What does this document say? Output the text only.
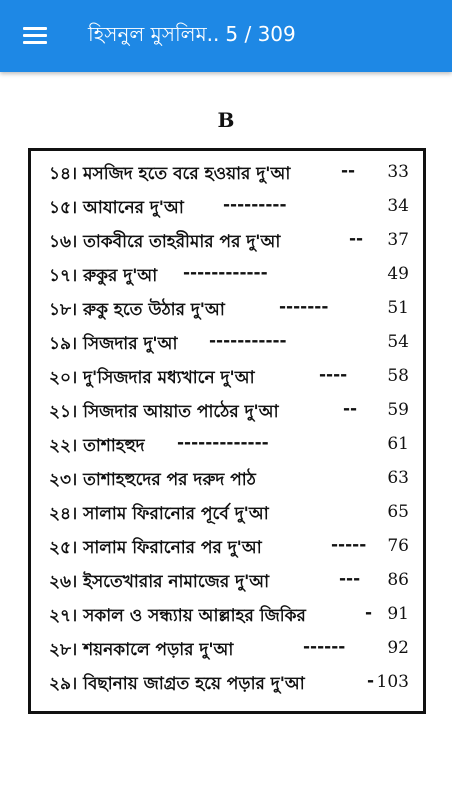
হিসনুল মুসলিম.. 5 / 309
B
১৪। মসজিদ হতে বরে হওয়ার দু'আ	-- 33
১৫। আযানের দু'আ ---------	34
১৬। তাকবীরে তাহরীমার পর দু'আ	-- 37
১৭। রুকুর দু'আ ------------	49
১৮। রুকু হতে উঠার দু'আ	-------	51
১৯। সিজদার দু'আ -----------	54
২০। দু'সিজদার মধ্যখানে দু'আ	---- 58
২১। সিজদার আয়াত পাঠের দু'আ	-- 59
২২। তাশাহহুদ -------------	61
২৩। তাশাহহুদের পর দরুদ পাঠ	63
২৪। সালাম ফিরানোর পূর্বে দু'আ	65
২৫। সালাম ফিরানোর পর দু'আ	----- 76
২৬। ইসতেখারার নামাজের দু'আ	--- 86
২৭। সকাল ও সন্ধ্যায় আল্লাহর জিকির	- 91
২৮। শয়নকালে পড়ার দু'আ	------ 92
২৯। বিছানায় জাগ্রত হয়ে পড়ার দু'আ	- 103
